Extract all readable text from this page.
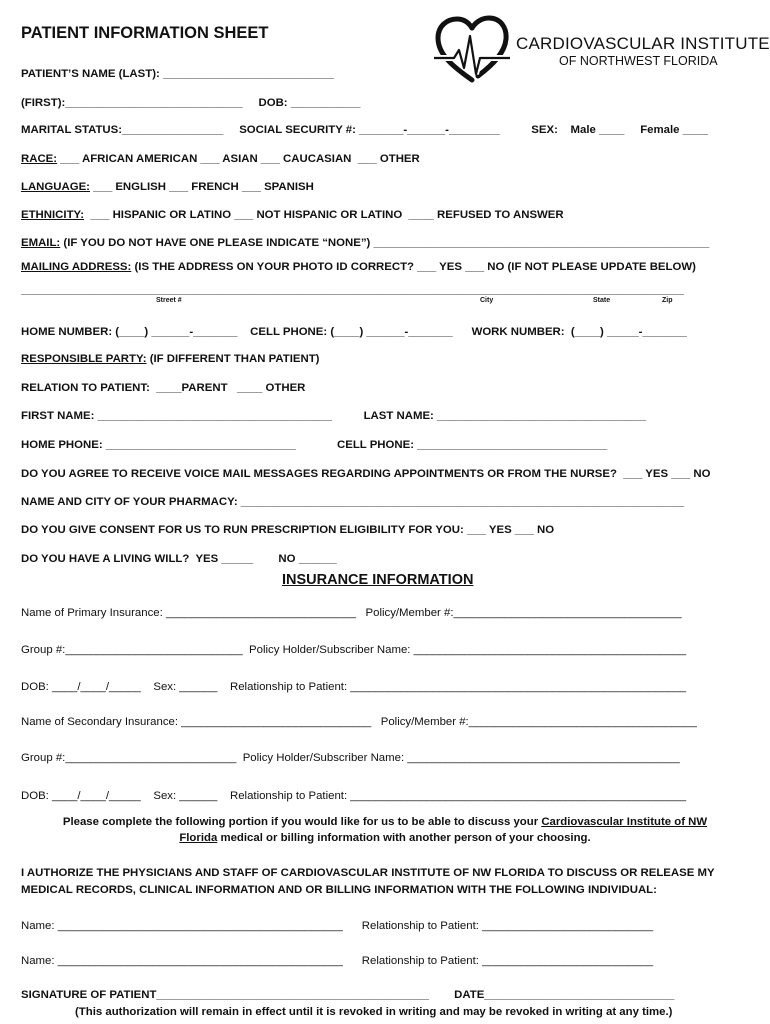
PATIENT INFORMATION SHEET
CARDIOVASCULAR INSTITUTE
OF NORTHWEST FLORIDA
PATIENT’S NAME (LAST): ___________________________
(FIRST):____________________________     DOB: ___________
MARITAL STATUS:________________     SOCIAL SECURITY #: _______-______-________          SEX:    Male ____     Female ____
RACE: ___ AFRICAN AMERICAN ___ ASIAN ___ CAUCASIAN  ___ OTHER
LANGUAGE: ___ ENGLISH ___ FRENCH ___ SPANISH
ETHNICITY:  ___ HISPANIC OR LATINO ___ NOT HISPANIC OR LATINO  ____ REFUSED TO ANSWER
EMAIL: (IF YOU DO NOT HAVE ONE PLEASE INDICATE “NONE”) _____________________________________________________
MAILING ADDRESS: (IS THE ADDRESS ON YOUR PHOTO ID CORRECT? ___ YES ___ NO (IF NOT PLEASE UPDATE BELOW)
____________________________________________________________________________________________________________
Street #	City	State	Zip
HOME NUMBER: (____) ______-_______    CELL PHONE: (____) ______-_______      WORK NUMBER:  (____) _____-_______
RESPONSIBLE PARTY: (IF DIFFERENT THAN PATIENT)
RELATION TO PATIENT:  ____PARENT   ____ OTHER
FIRST NAME: _____________________________________          LAST NAME: _________________________________
HOME PHONE: ______________________________             CELL PHONE: ______________________________
DO YOU AGREE TO RECEIVE VOICE MAIL MESSAGES REGARDING APPOINTMENTS OR FROM THE NURSE?  ___ YES ___ NO
NAME AND CITY OF YOUR PHARMACY: ______________________________________________________________________
DO YOU GIVE CONSENT FOR US TO RUN PRESCRIPTION ELIGIBILITY FOR YOU: ___ YES ___ NO
DO YOU HAVE A LIVING WILL?  YES _____        NO ______
INSURANCE INFORMATION
Name of Primary Insurance: ______________________________   Policy/Member #:____________________________________
Group #:____________________________  Policy Holder/Subscriber Name: ___________________________________________
DOB: ____/____/_____    Sex: ______    Relationship to Patient: _____________________________________________________
Name of Secondary Insurance: ______________________________   Policy/Member #:____________________________________
Group #:___________________________  Policy Holder/Subscriber Name: ___________________________________________
DOB: ____/____/_____    Sex: ______    Relationship to Patient: _____________________________________________________
Please complete the following portion if you would like for us to be able to discuss your Cardiovascular Institute of NW
Florida medical or billing information with another person of your choosing.
I AUTHORIZE THE PHYSICIANS AND STAFF OF CARDIOVASCULAR INSTITUTE OF NW FLORIDA TO DISCUSS OR RELEASE MY
MEDICAL RECORDS, CLINICAL INFORMATION AND OR BILLING INFORMATION WITH THE FOLLOWING INDIVIDUAL:
Name: _____________________________________________      Relationship to Patient: ___________________________
Name: _____________________________________________      Relationship to Patient: ___________________________
SIGNATURE OF PATIENT___________________________________________        DATE______________________________
(This authorization will remain in effect until it is revoked in writing and may be revoked in writing at any time.)
